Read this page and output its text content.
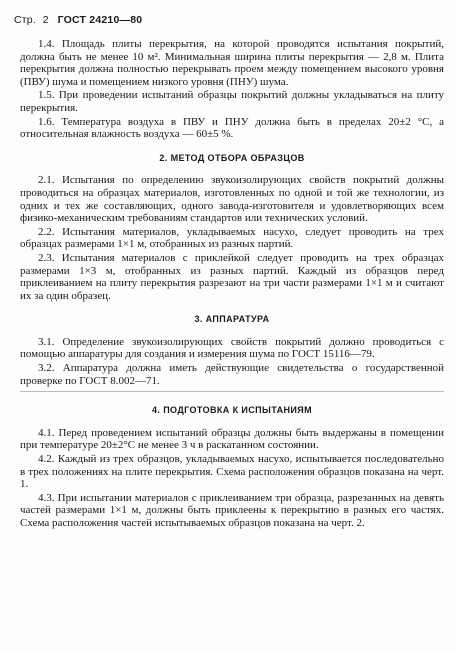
Стр. 2 ГОСТ 24210—80

1.4. Площадь плиты перекрытия, на которой проводятся испытания покрытий, должна быть не менее 10 м². Минимальная ширина плиты перекрытия — 2,8 м. Плита перекрытия должна полностью перекрывать проем между помещением высокого уровня (ПВУ) шума и помещением низкого уровня (ПНУ) шума.

1.5. При проведении испытаний образцы покрытий должны укладываться на плиту перекрытия.

1.6. Температура воздуха в ПВУ и ПНУ должна быть в пределах 20±2 °С, а относительная влажность воздуха — 60±5 %.

2. МЕТОД ОТБОРА ОБРАЗЦОВ

2.1. Испытания по определению звукоизолирующих свойств покрытий должны проводиться на образцах материалов, изготовленных по одной и той же технологии, из одних и тех же составляющих, одного завода-изготовителя и удовлетворяющих всем физико-механическим требованиям стандартов или технических условий.

2.2. Испытания материалов, укладываемых насухо, следует проводить на трех образцах размерами 1×1 м, отобранных из разных партий.

2.3. Испытания материалов с приклейкой следует проводить на трех образцах размерами 1×3 м, отобранных из разных партий. Каждый из образцов перед приклеиванием на плиту перекрытия разрезают на три части размерами 1×1 м и считают их за один образец.

3. АППАРАТУРА

3.1. Определение звукоизолирующих свойств покрытий должно проводиться с помощью аппаратуры для создания и измерения шума по ГОСТ 15116—79.

3.2. Аппаратура должна иметь действующие свидетельства о государственной проверке по ГОСТ 8.002—71.

4. ПОДГОТОВКА К ИСПЫТАНИЯМ

4.1. Перед проведением испытаний образцы должны быть выдержаны в помещении при температуре 20±2°С не менее 3 ч в раскатанном состоянии.

4.2. Каждый из трех образцов, укладываемых насухо, испытывается последовательно в трех положениях на плите перекрытия. Схема расположения образцов показана на черт. 1.

4.3. При испытании материалов с приклеиванием три образца, разрезанных на девять частей размерами 1×1 м, должны быть приклеены к перекрытию в разных его частях. Схема расположения частей испытываемых образцов показана на черт. 2.
